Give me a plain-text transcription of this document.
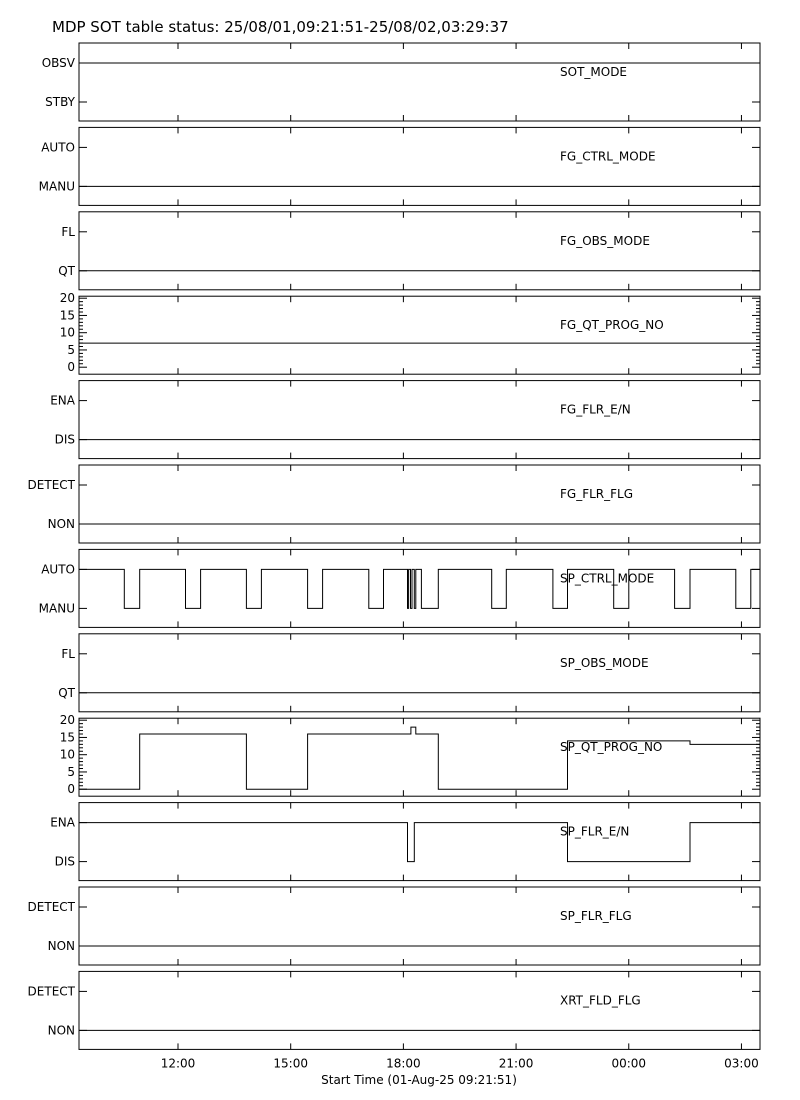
MDP SOT table status: 25/08/01,09:21:51-25/08/02,03:29:37
OBSV
STBY
SOT_MODE
AUTO
MANU
FG_CTRL_MODE
FL
QT
FG_OBS_MODE
0
5
10
15
20
FG_QT_PROG_NO
ENA
DIS
FG_FLR_E/N
DETECT
NON
FG_FLR_FLG
AUTO
MANU
SP_CTRL_MODE
FL
QT
SP_OBS_MODE
0
5
10
15
20
SP_QT_PROG_NO
ENA
DIS
SP_FLR_E/N
DETECT
NON
SP_FLR_FLG
DETECT
NON
XRT_FLD_FLG
12:00	15:00	18:00	21:00	00:00	03:00
Start Time (01-Aug-25 09:21:51)
